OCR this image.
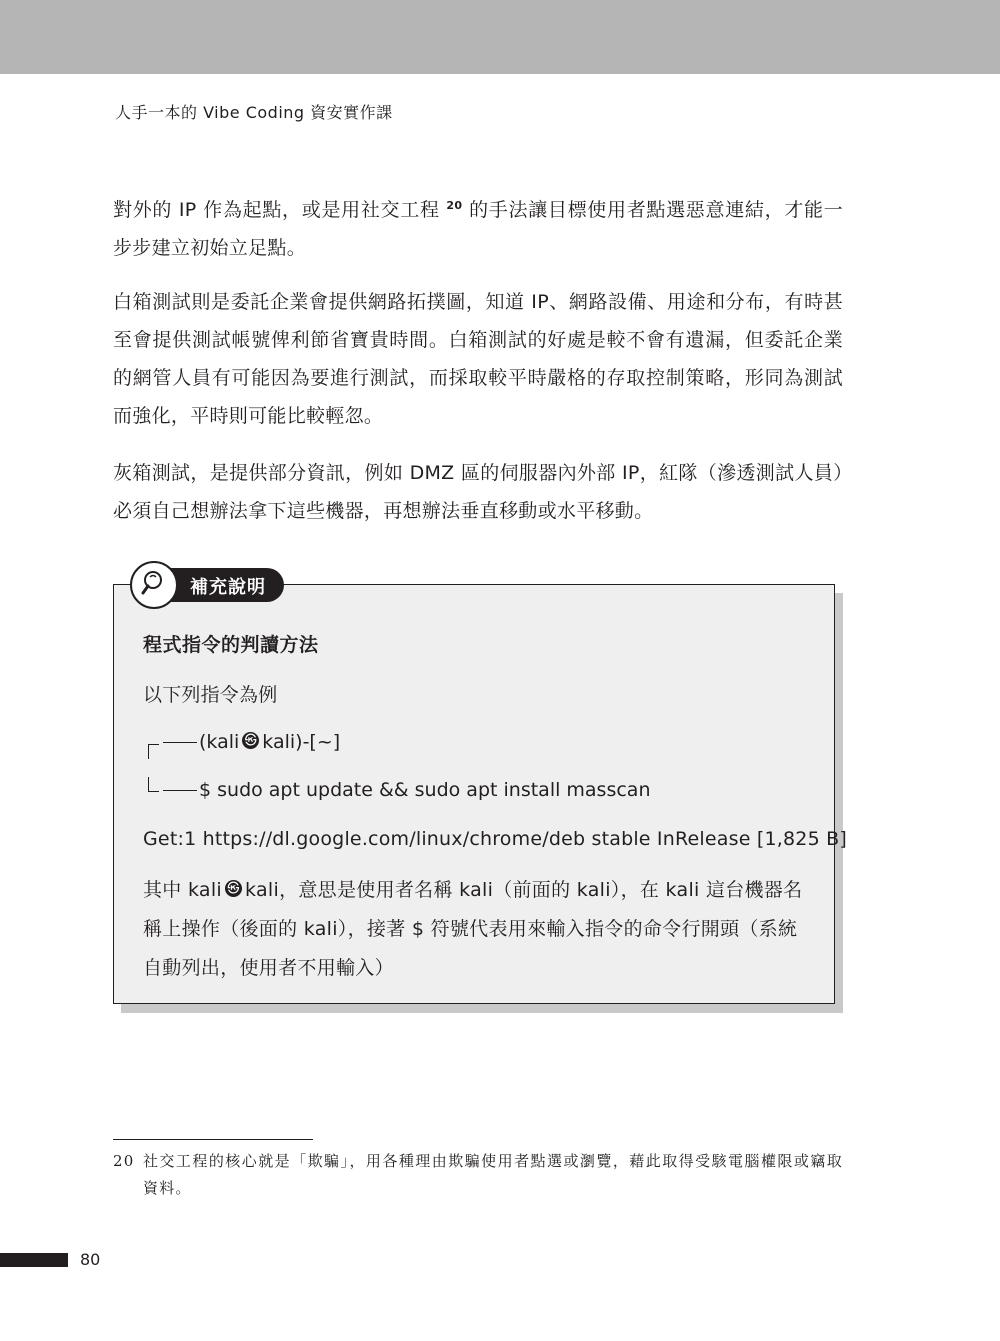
人手一本的 Vibe Coding 資安實作課
對外的 IP 作為起點，或是用社交工程 $^{20}$ 的手法讓目標使用者點選惡意連結，才能一步步建立初始立足點。
白箱測試則是委託企業會提供網路拓撲圖，知道 IP、網路設備、用途和分布，有時甚至會提供測試帳號俾利節省寶貴時間。白箱測試的好處是較不會有遺漏，但委託企業的網管人員有可能因為要進行測試，而採取較平時嚴格的存取控制策略，形同為測試而強化，平時則可能比較輕忽。
灰箱測試，是提供部分資訊，例如 DMZ 區的伺服器內外部 IP，紅隊（滲透測試人員）必須自己想辦法拿下這些機器，再想辦法垂直移動或水平移動。
補充說明
程式指令的判讀方法
以下列指令為例
(kali ㉿ kali)-[~]
$ sudo apt update && sudo apt install masscan
Get:1 https://dl.google.com/linux/chrome/deb stable InRelease [1,825 B]
其中 kali ㉿ kali，意思是使用者名稱 kali（前面的 kali），在 kali 這台機器名稱上操作（後面的 kali），接著 $ 符號代表用來輸入指令的命令行開頭（系統自動列出，使用者不用輸入）
20 社交工程的核心就是「欺騙」，用各種理由欺騙使用者點選或瀏覽，藉此取得受駭電腦權限或竊取資料。
80
